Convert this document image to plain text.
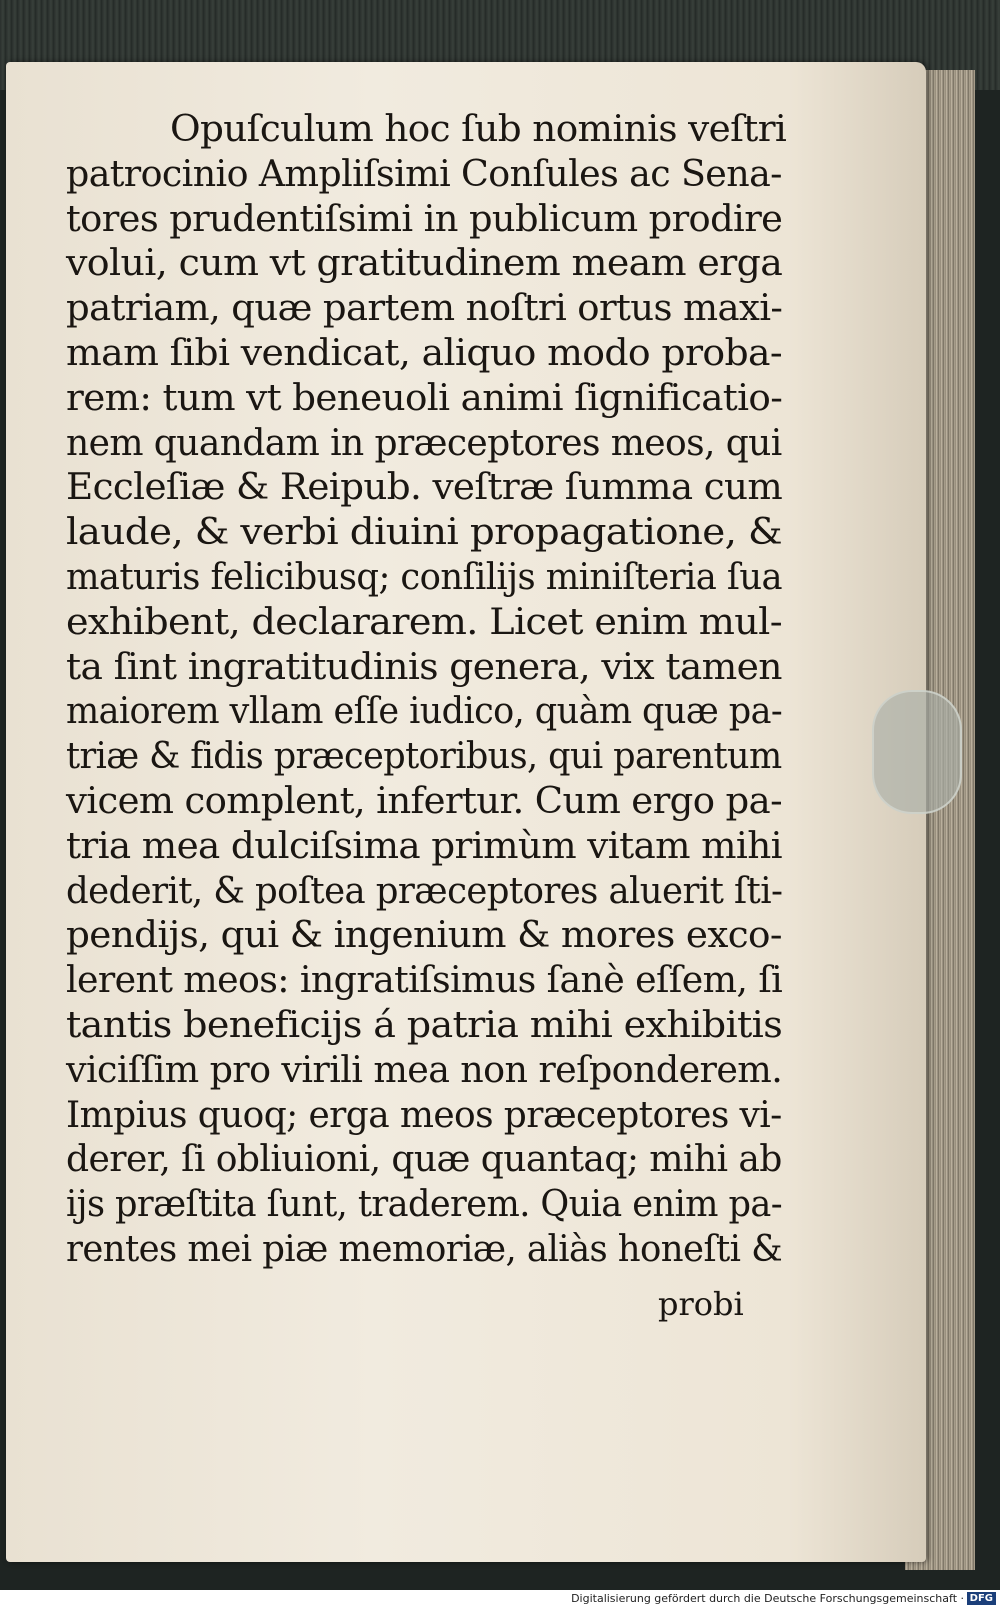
Opuſculum hoc ſub nominis veſtri
patrocinio Ampliſsimi Conſules ac Sena-
tores prudentiſsimi in publicum prodire
volui, cum vt gratitudinem meam erga
patriam, quæ partem noſtri ortus maxi-
mam ſibi vendicat, aliquo modo proba-
rem: tum vt beneuoli animi ſignificatio-
nem quandam in præceptores meos, qui
Eccleſiæ & Reipub. veſtræ ſumma cum
laude, & verbi diuini propagatione, &
maturis felicibusq; conſilijs miniſteria ſua
exhibent, declararem. Licet enim mul-
ta ſint ingratitudinis genera, vix tamen
maiorem vllam eſſe iudico, quàm quæ pa-
triæ & fidis præceptoribus, qui parentum
vicem complent, infertur. Cum ergo pa-
tria mea dulciſsima primùm vitam mihi
dederit, & poſtea præceptores aluerit ſti-
pendijs, qui & ingenium & mores exco-
lerent meos: ingratiſsimus ſanè eſſem, ſi
tantis beneficijs á patria mihi exhibitis
viciſſim pro virili mea non reſponderem.
Impius quoq; erga meos præceptores vi-
derer, ſi obliuioni, quæ quantaq; mihi ab
ijs præſtita ſunt, traderem. Quia enim pa-
rentes mei piæ memoriæ, aliàs honeſti &
probi
Digitalisierung gefördert durch die Deutsche Forschungsgemeinschaft · DFG
